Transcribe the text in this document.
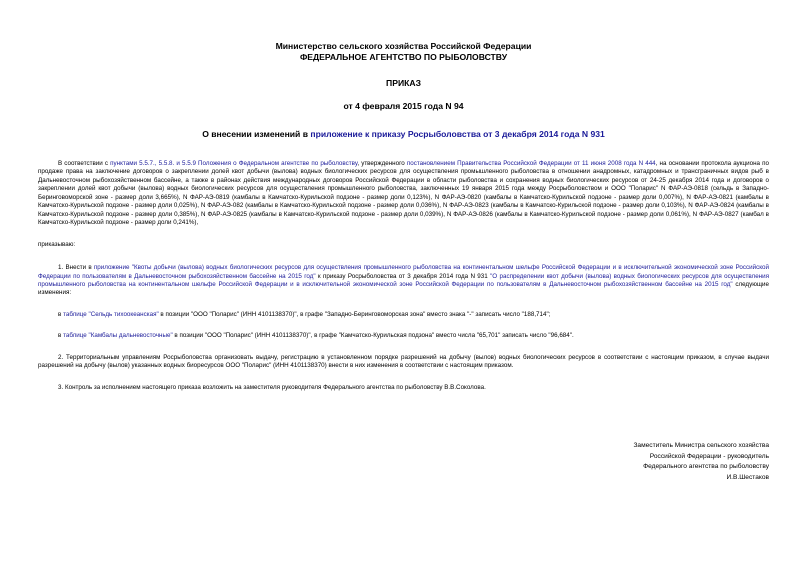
Министерство сельского хозяйства Российской Федерации
ФЕДЕРАЛЬНОЕ АГЕНТСТВО ПО РЫБОЛОВСТВУ
ПРИКАЗ
от 4 февраля 2015 года N 94
О внесении изменений в приложение к приказу Росрыболовства от 3 декабря 2014 года N 931

В соответствии с пунктами 5.5.7., 5.5.8. и 5.5.9 Положения о Федеральном агентстве по рыболовству, утвержденного постановлением Правительства Российской Федерации от 11 июня 2008 года N 444, на основании протокола аукциона по продаже права на заключение договоров о закреплении долей квот добычи (вылова) водных биологических ресурсов для осуществления промышленного рыболовства в отношении анадромных, катадромных и трансграничных видов рыб в Дальневосточном рыбохозяйственном бассейне, а также в районах действия международных договоров Российской Федерации в области рыболовства и сохранения водных биологических ресурсов от 24-25 декабря 2014 года и договоров о закреплении долей квот добычи (вылова) водных биологических ресурсов для осуществления промышленного рыболовства, заключенных 19 января 2015 года между Росрыболовством и ООО "Поларис" N ФАР-АЭ-0818 (сельдь в Западно-Беринговоморской зоне - размер доли 3,665%), N ФАР-АЭ-0819 (камбалы в Камчатско-Курильской подзоне - размер доли 0,123%), N ФАР-АЭ-0820 (камбалы в Камчатско-Курильской подзоне - размер доли 0,007%), N ФАР-АЭ-0821 (камбалы в Камчатско-Курильской подзоне - размер доли 0,025%), N ФАР-АЭ-082 (камбалы в Камчатско-Курильской подзоне - размер доли 0,036%), N ФАР-АЭ-0823 (камбалы в Камчатско-Курильской подзоне - размер доли 0,103%), N ФАР-АЭ-0824 (камбалы в Камчатско-Курильской подзоне - размер доли 0,385%), N ФАР-АЭ-0825 (камбалы в Камчатско-Курильской подзоне - размер доли 0,039%), N ФАР-АЭ-0826 (камбалы в Камчатско-Курильской подзоне - размер доли 0,061%), N ФАР-АЭ-0827 (камбал в Камчатско-Курильской подзоне - размер доли 0,241%),

приказываю:

1. Внести в приложение "Квоты добычи (вылова) водных биологических ресурсов для осуществления промышленного рыболовства на континентальном шельфе Российской Федерации и в исключительной экономической зоне Российской Федерации по пользователям в Дальневосточном рыбохозяйственном бассейне на 2015 год" к приказу Росрыболовства от 3 декабря 2014 года N 931 "О распределении квот добычи (вылова) водных биологических ресурсов для осуществления промышленного рыболовства на континентальном шельфе Российской Федерации и в исключительной экономической зоне Российской Федерации по пользователям в Дальневосточном рыбохозяйственном бассейне на 2015 год" следующие изменения:

в таблице "Сельдь тихоокеанская" в позиции "ООО "Поларис" (ИНН 4101138370)", в графе "Западно-Беринговоморская зона" вместо знака "-" записать число "188,714";

в таблице "Камбалы дальневосточные" в позиции "ООО "Поларис" (ИНН 4101138370)", в графе "Камчатско-Курильская подзона" вместо числа "65,701" записать число "96,684".

2. Территориальным управлениям Росрыболовства организовать выдачу, регистрацию в установленном порядке разрешений на добычу (вылов) водных биологических ресурсов в соответствии с настоящим приказом, в случае выдачи разрешений на добычу (вылов) указанных водных биоресурсов ООО "Поларис" (ИНН 4101138370) внести в них изменения в соответствии с настоящим приказом.

3. Контроль за исполнением настоящего приказа возложить на заместителя руководителя Федерального агентства по рыболовству В.В.Соколова.

Заместитель Министра сельского хозяйства
Российской Федерации - руководитель
Федерального агентства по рыболовству
И.В.Шестаков
